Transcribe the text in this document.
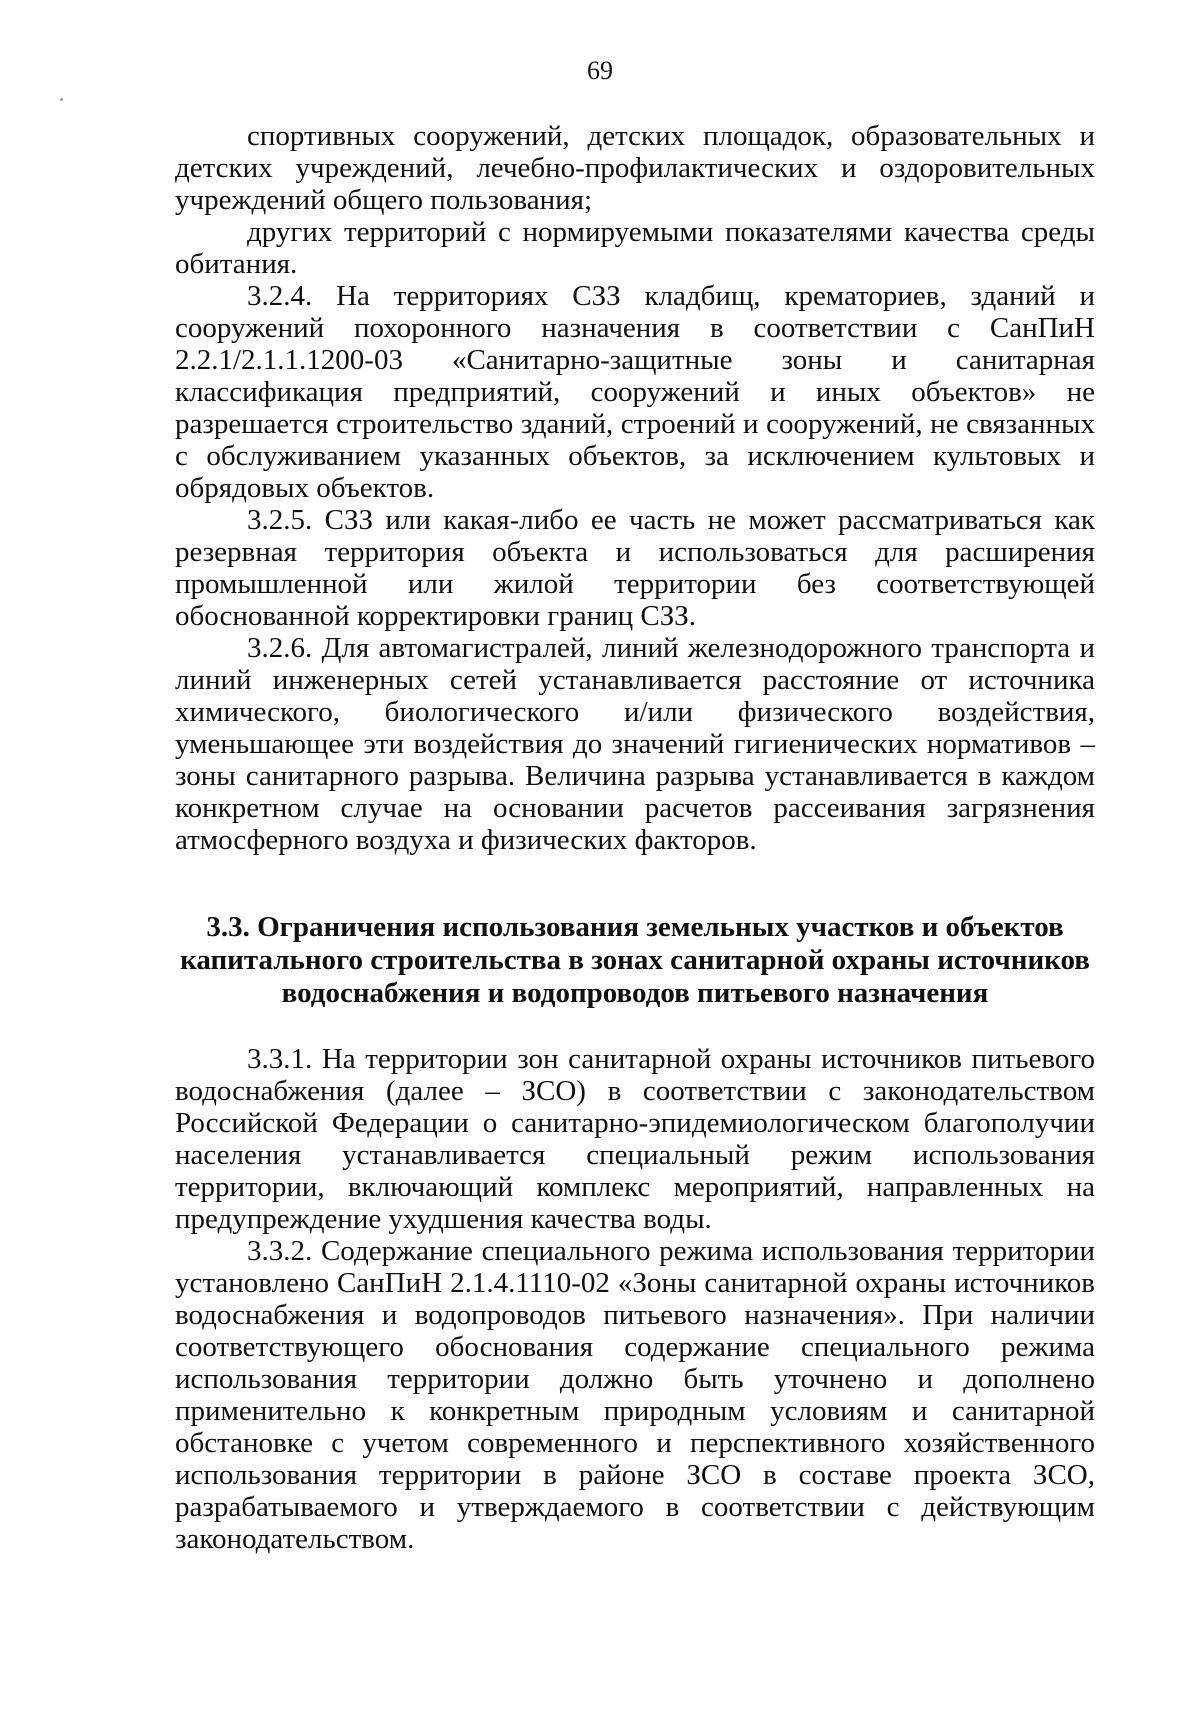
69

спортивных сооружений, детских площадок, образовательных и детских учреждений, лечебно-профилактических и оздоровительных учреждений общего пользования;

других территорий с нормируемыми показателями качества среды обитания.

3.2.4. На территориях СЗЗ кладбищ, крематориев, зданий и сооружений похоронного назначения в соответствии с СанПиН 2.2.1/2.1.1.1200-03 «Санитарно-защитные зоны и санитарная классификация предприятий, сооружений и иных объектов» не разрешается строительство зданий, строений и сооружений, не связанных с обслуживанием указанных объектов, за исключением культовых и обрядовых объектов.

3.2.5. СЗЗ или какая-либо ее часть не может рассматриваться как резервная территория объекта и использоваться для расширения промышленной или жилой территории без соответствующей обоснованной корректировки границ СЗЗ.

3.2.6. Для автомагистралей, линий железнодорожного транспорта и линий инженерных сетей устанавливается расстояние от источника химического, биологического и/или физического воздействия, уменьшающее эти воздействия до значений гигиенических нормативов – зоны санитарного разрыва. Величина разрыва устанавливается в каждом конкретном случае на основании расчетов рассеивания загрязнения атмосферного воздуха и физических факторов.

3.3. Ограничения использования земельных участков и объектов
капитального строительства в зонах санитарной охраны источников
водоснабжения и водопроводов питьевого назначения

3.3.1. На территории зон санитарной охраны источников питьевого водоснабжения (далее – ЗСО) в соответствии с законодательством Российской Федерации о санитарно-эпидемиологическом благополучии населения устанавливается специальный режим использования территории, включающий комплекс мероприятий, направленных на предупреждение ухудшения качества воды.

3.3.2. Содержание специального режима использования территории установлено СанПиН 2.1.4.1110-02 «Зоны санитарной охраны источников водоснабжения и водопроводов питьевого назначения». При наличии соответствующего обоснования содержание специального режима использования территории должно быть уточнено и дополнено применительно к конкретным природным условиям и санитарной обстановке с учетом современного и перспективного хозяйственного использования территории в районе ЗСО в составе проекта ЗСО, разрабатываемого и утверждаемого в соответствии с действующим законодательством.
